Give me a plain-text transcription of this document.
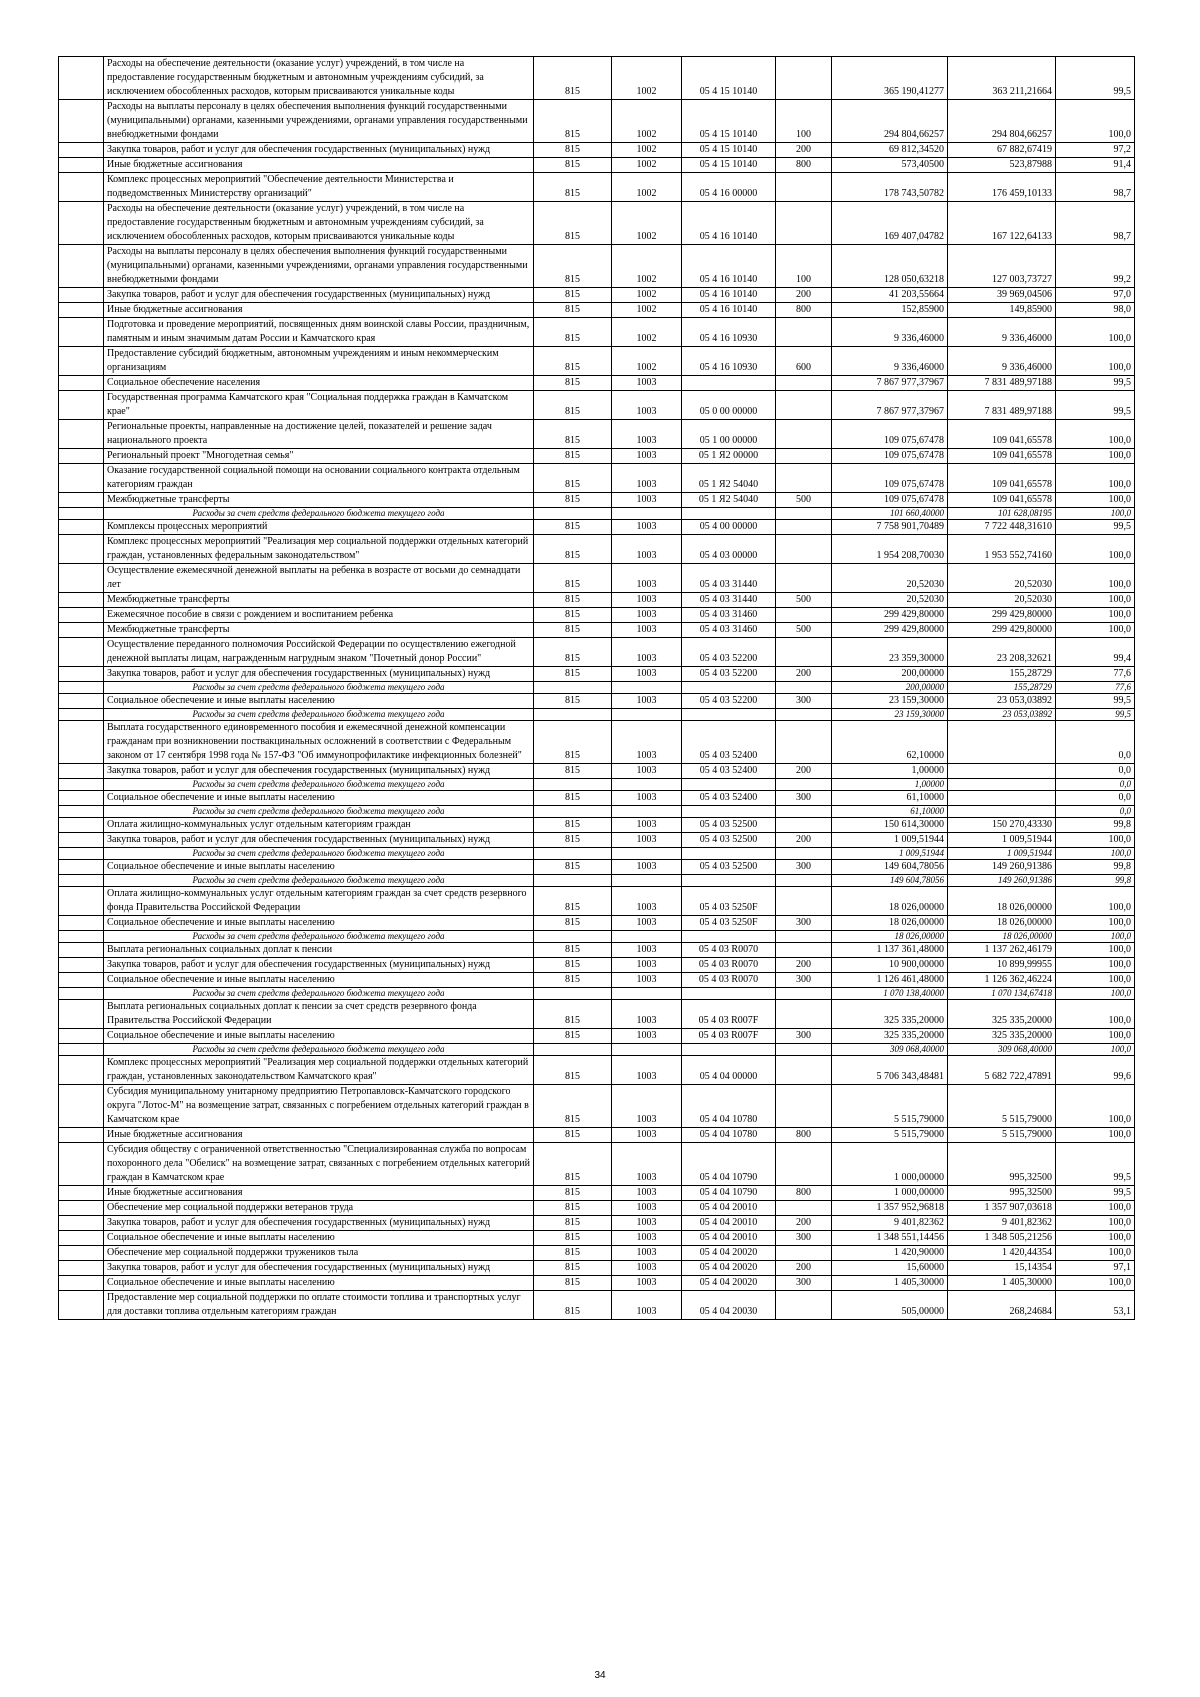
	Расходы на обеспечение деятельности (оказание услуг) учреждений, в том числе на предоставление государственным бюджетным и автономным учреждениям субсидий, за исключением обособленных расходов, которым присваиваются уникальные коды	815	1002	05 4 15 10140		365 190,41277	363 211,21664	99,5
	Расходы на выплаты персоналу в целях обеспечения выполнения функций государственными (муниципальными) органами, казенными учреждениями, органами управления государственными внебюджетными фондами	815	1002	05 4 15 10140	100	294 804,66257	294 804,66257	100,0
	Закупка товаров, работ и услуг для обеспечения государственных (муниципальных) нужд	815	1002	05 4 15 10140	200	69 812,34520	67 882,67419	97,2
	Иные бюджетные ассигнования	815	1002	05 4 15 10140	800	573,40500	523,87988	91,4
	Комплекс процессных мероприятий "Обеспечение деятельности Министерства и подведомственных Министерству организаций"	815	1002	05 4 16 00000		178 743,50782	176 459,10133	98,7
	Расходы на обеспечение деятельности (оказание услуг) учреждений, в том числе на предоставление государственным бюджетным и автономным учреждениям субсидий, за исключением обособленных расходов, которым присваиваются уникальные коды	815	1002	05 4 16 10140		169 407,04782	167 122,64133	98,7
	Расходы на выплаты персоналу в целях обеспечения выполнения функций государственными (муниципальными) органами, казенными учреждениями, органами управления государственными внебюджетными фондами	815	1002	05 4 16 10140	100	128 050,63218	127 003,73727	99,2
	Закупка товаров, работ и услуг для обеспечения государственных (муниципальных) нужд	815	1002	05 4 16 10140	200	41 203,55664	39 969,04506	97,0
	Иные бюджетные ассигнования	815	1002	05 4 16 10140	800	152,85900	149,85900	98,0
	Подготовка и проведение мероприятий, посвященных дням воинской славы России, праздничным, памятным и иным значимым датам России и Камчатского края	815	1002	05 4 16 10930		9 336,46000	9 336,46000	100,0
	Предоставление субсидий бюджетным, автономным учреждениям и иным некоммерческим организациям	815	1002	05 4 16 10930	600	9 336,46000	9 336,46000	100,0
	Социальное обеспечение населения	815	1003			7 867 977,37967	7 831 489,97188	99,5
	Государственная программа Камчатского края "Социальная поддержка граждан в Камчатском крае"	815	1003	05 0 00 00000		7 867 977,37967	7 831 489,97188	99,5
	Региональные проекты, направленные на достижение целей, показателей и решение задач национального проекта	815	1003	05 1 00 00000		109 075,67478	109 041,65578	100,0
	Региональный проект "Многодетная семья"	815	1003	05 1 Я2 00000		109 075,67478	109 041,65578	100,0
	Оказание государственной социальной помощи на основании социального контракта отдельным категориям граждан	815	1003	05 1 Я2 54040		109 075,67478	109 041,65578	100,0
	Межбюджетные трансферты	815	1003	05 1 Я2 54040	500	109 075,67478	109 041,65578	100,0
	Расходы за счет средств федерального бюджета текущего года					101 660,40000	101 628,08195	100,0
	Комплексы процессных мероприятий	815	1003	05 4 00 00000		7 758 901,70489	7 722 448,31610	99,5
	Комплекс процессных мероприятий "Реализация мер социальной поддержки отдельных категорий граждан, установленных федеральным законодательством"	815	1003	05 4 03 00000		1 954 208,70030	1 953 552,74160	100,0
	Осуществление ежемесячной денежной выплаты на ребенка в возрасте от восьми до семнадцати лет	815	1003	05 4 03 31440		20,52030	20,52030	100,0
	Межбюджетные трансферты	815	1003	05 4 03 31440	500	20,52030	20,52030	100,0
	Ежемесячное пособие в связи с рождением и воспитанием ребенка	815	1003	05 4 03 31460		299 429,80000	299 429,80000	100,0
	Межбюджетные трансферты	815	1003	05 4 03 31460	500	299 429,80000	299 429,80000	100,0
	Осуществление переданного полномочия Российской Федерации по осуществлению ежегодной денежной выплаты лицам, награжденным нагрудным знаком "Почетный донор России"	815	1003	05 4 03 52200		23 359,30000	23 208,32621	99,4
	Закупка товаров, работ и услуг для обеспечения государственных (муниципальных) нужд	815	1003	05 4 03 52200	200	200,00000	155,28729	77,6
	Расходы за счет средств федерального бюджета текущего года					200,00000	155,28729	77,6
	Социальное обеспечение и иные выплаты населению	815	1003	05 4 03 52200	300	23 159,30000	23 053,03892	99,5
	Расходы за счет средств федерального бюджета текущего года					23 159,30000	23 053,03892	99,5
	Выплата государственного единовременного пособия и ежемесячной денежной компенсации гражданам при возникновении поствакцинальных осложнений в соответствии с Федеральным законом от 17 сентября 1998 года № 157-ФЗ "Об иммунопрофилактике инфекционных болезней"	815	1003	05 4 03 52400		62,10000		0,0
	Закупка товаров, работ и услуг для обеспечения государственных (муниципальных) нужд	815	1003	05 4 03 52400	200	1,00000		0,0
	Расходы за счет средств федерального бюджета текущего года					1,00000		0,0
	Социальное обеспечение и иные выплаты населению	815	1003	05 4 03 52400	300	61,10000		0,0
	Расходы за счет средств федерального бюджета текущего года					61,10000		0,0
	Оплата жилищно-коммунальных услуг отдельным категориям граждан	815	1003	05 4 03 52500		150 614,30000	150 270,43330	99,8
	Закупка товаров, работ и услуг для обеспечения государственных (муниципальных) нужд	815	1003	05 4 03 52500	200	1 009,51944	1 009,51944	100,0
	Расходы за счет средств федерального бюджета текущего года					1 009,51944	1 009,51944	100,0
	Социальное обеспечение и иные выплаты населению	815	1003	05 4 03 52500	300	149 604,78056	149 260,91386	99,8
	Расходы за счет средств федерального бюджета текущего года					149 604,78056	149 260,91386	99,8
	Оплата жилищно-коммунальных услуг отдельным категориям граждан за счет средств резервного фонда Правительства Российской Федерации	815	1003	05 4 03 5250F		18 026,00000	18 026,00000	100,0
	Социальное обеспечение и иные выплаты населению	815	1003	05 4 03 5250F	300	18 026,00000	18 026,00000	100,0
	Расходы за счет средств федерального бюджета текущего года					18 026,00000	18 026,00000	100,0
	Выплата региональных социальных доплат к пенсии	815	1003	05 4 03 R0070		1 137 361,48000	1 137 262,46179	100,0
	Закупка товаров, работ и услуг для обеспечения государственных (муниципальных) нужд	815	1003	05 4 03 R0070	200	10 900,00000	10 899,99955	100,0
	Социальное обеспечение и иные выплаты населению	815	1003	05 4 03 R0070	300	1 126 461,48000	1 126 362,46224	100,0
	Расходы за счет средств федерального бюджета текущего года					1 070 138,40000	1 070 134,67418	100,0
	Выплата региональных социальных доплат к пенсии за счет средств резервного фонда Правительства Российской Федерации	815	1003	05 4 03 R007F		325 335,20000	325 335,20000	100,0
	Социальное обеспечение и иные выплаты населению	815	1003	05 4 03 R007F	300	325 335,20000	325 335,20000	100,0
	Расходы за счет средств федерального бюджета текущего года					309 068,40000	309 068,40000	100,0
	Комплекс процессных мероприятий "Реализация мер социальной поддержки отдельных категорий граждан, установленных законодательством Камчатского края"	815	1003	05 4 04 00000		5 706 343,48481	5 682 722,47891	99,6
	Субсидия муниципальному унитарному предприятию Петропавловск-Камчатского городского округа "Лотос-М" на возмещение затрат, связанных с погребением отдельных категорий граждан в Камчатском крае	815	1003	05 4 04 10780		5 515,79000	5 515,79000	100,0
	Иные бюджетные ассигнования	815	1003	05 4 04 10780	800	5 515,79000	5 515,79000	100,0
	Субсидия обществу с ограниченной ответственностью "Специализированная служба по вопросам похоронного дела "Обелиск" на возмещение затрат, связанных с погребением отдельных категорий граждан в Камчатском крае	815	1003	05 4 04 10790		1 000,00000	995,32500	99,5
	Иные бюджетные ассигнования	815	1003	05 4 04 10790	800	1 000,00000	995,32500	99,5
	Обеспечение мер социальной поддержки ветеранов труда	815	1003	05 4 04 20010		1 357 952,96818	1 357 907,03618	100,0
	Закупка товаров, работ и услуг для обеспечения государственных (муниципальных) нужд	815	1003	05 4 04 20010	200	9 401,82362	9 401,82362	100,0
	Социальное обеспечение и иные выплаты населению	815	1003	05 4 04 20010	300	1 348 551,14456	1 348 505,21256	100,0
	Обеспечение мер социальной поддержки тружеников тыла	815	1003	05 4 04 20020		1 420,90000	1 420,44354	100,0
	Закупка товаров, работ и услуг для обеспечения государственных (муниципальных) нужд	815	1003	05 4 04 20020	200	15,60000	15,14354	97,1
	Социальное обеспечение и иные выплаты населению	815	1003	05 4 04 20020	300	1 405,30000	1 405,30000	100,0
	Предоставление мер социальной поддержки по оплате стоимости топлива и транспортных услуг для доставки топлива отдельным категориям граждан	815	1003	05 4 04 20030		505,00000	268,24684	53,1
34
